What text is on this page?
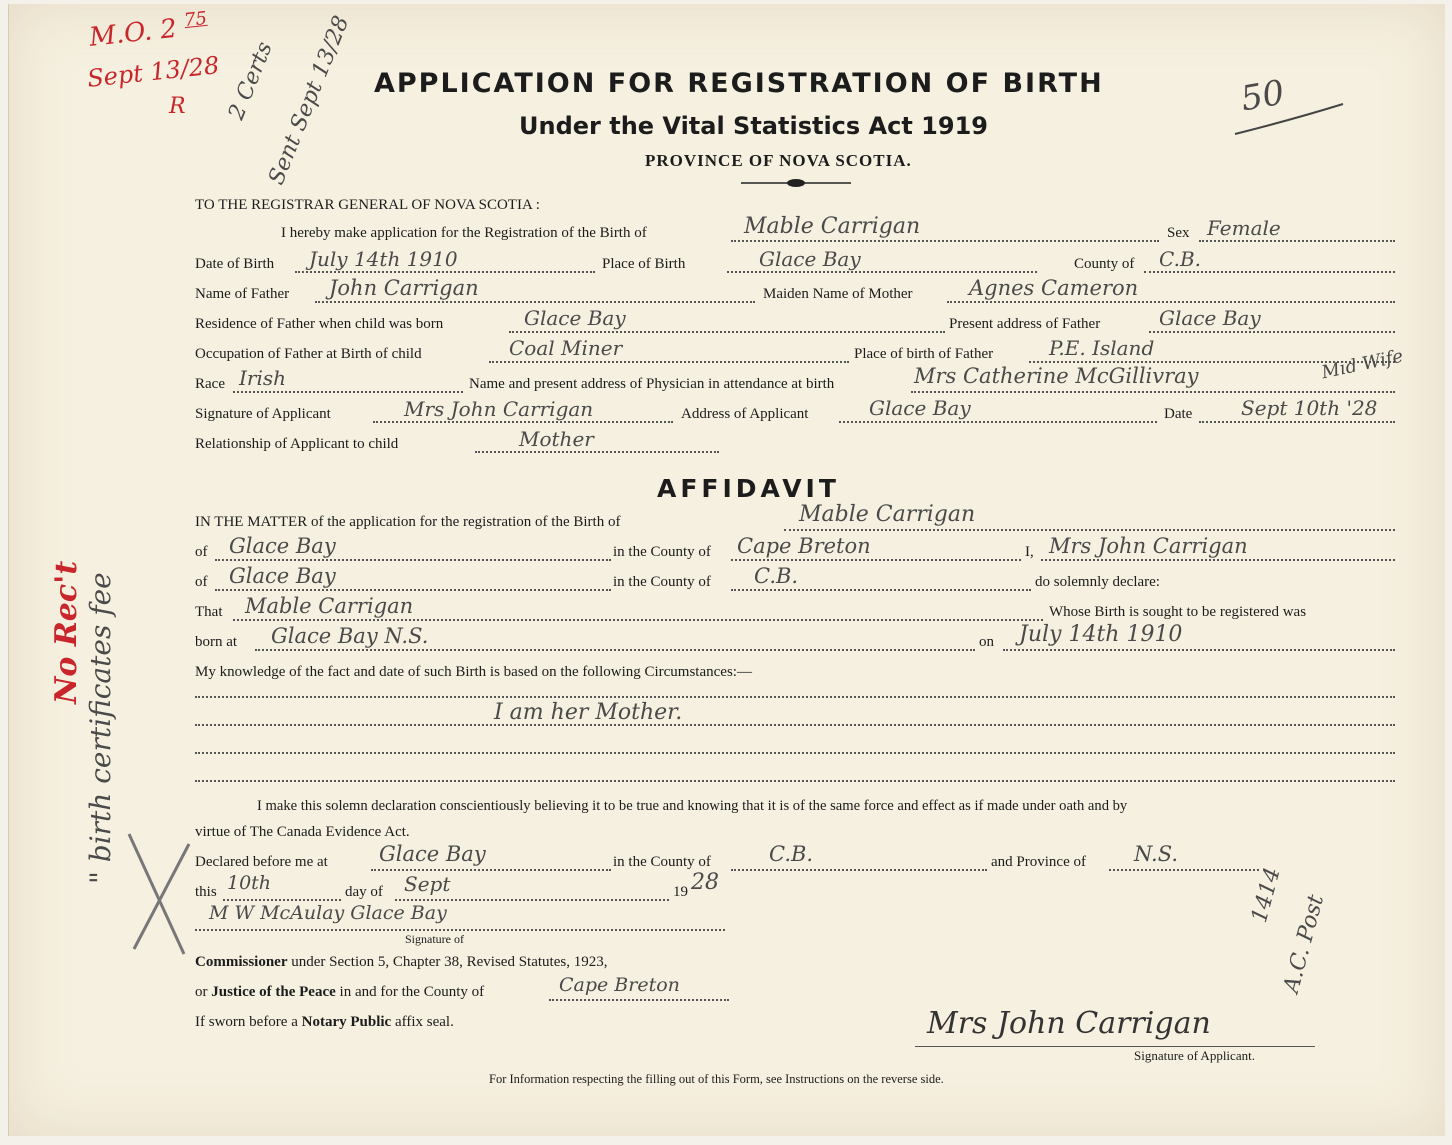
M.O. 2 $^{75}$
Sept 13/28
R 2 Certs
Sent Sept 13/28	50
No Rec't " birth certificates fee
APPLICATION FOR REGISTRATION OF BIRTH
Under the Vital Statistics Act 1919
PROVINCE OF NOVA SCOTIA.
TO THE REGISTRAR GENERAL OF NOVA SCOTIA :
I hereby make application for the Registration of the Birth of	Mable Carrigan	Sex Female
Date of Birth July 14th 1910	Place of Birth	Glace Bay	County of C.B.
Name of Father John Carrigan	Maiden Name of Mother	Agnes Cameron
Residence of Father when child was born	Glace Bay	Present address of Father	Glace Bay
Occupation of Father at Birth of child	Coal Miner	Place of birth of Father	P.E. Island
Race Irish	Name and present address of Physician in attendance at birth	Mrs Catherine McGillivray	Mid Wife
Signature of Applicant	Mrs John Carrigan	Address of Applicant	Glace Bay	Date Sept 10th '28
Relationship of Applicant to child	Mother
AFFIDAVIT
IN THE MATTER of the application for the registration of the Birth of	Mable Carrigan
of Glace Bay	in the County of Cape Breton	I, Mrs John Carrigan
of Glace Bay	in the County of C.B.	do solemnly declare:
That Mable Carrigan	Whose Birth is sought to be registered was
born at Glace Bay N.S.	on July 14th 1910
My knowledge of the fact and date of such Birth is based on the following Circumstances:—
I am her Mother.
I make this solemn declaration conscientiously believing it to be true and knowing that it is of the same force and effect as if made under oath and by
virtue of The Canada Evidence Act.
Declared before me at Glace Bay	in the County of	C.B.	and Province of N.S.
this 10th	day of Sept	19 28
M W McAulay Glace Bay
Signature of
Commissioner under Section 5, Chapter 38, Revised Statutes, 1923,
or Justice of the Peace in and for the County of	Cape Breton
If sworn before a Notary Public affix seal.
1414
A.C. Post
Mrs John Carrigan
Signature of Applicant.
For Information respecting the filling out of this Form, see Instructions on the reverse side.
